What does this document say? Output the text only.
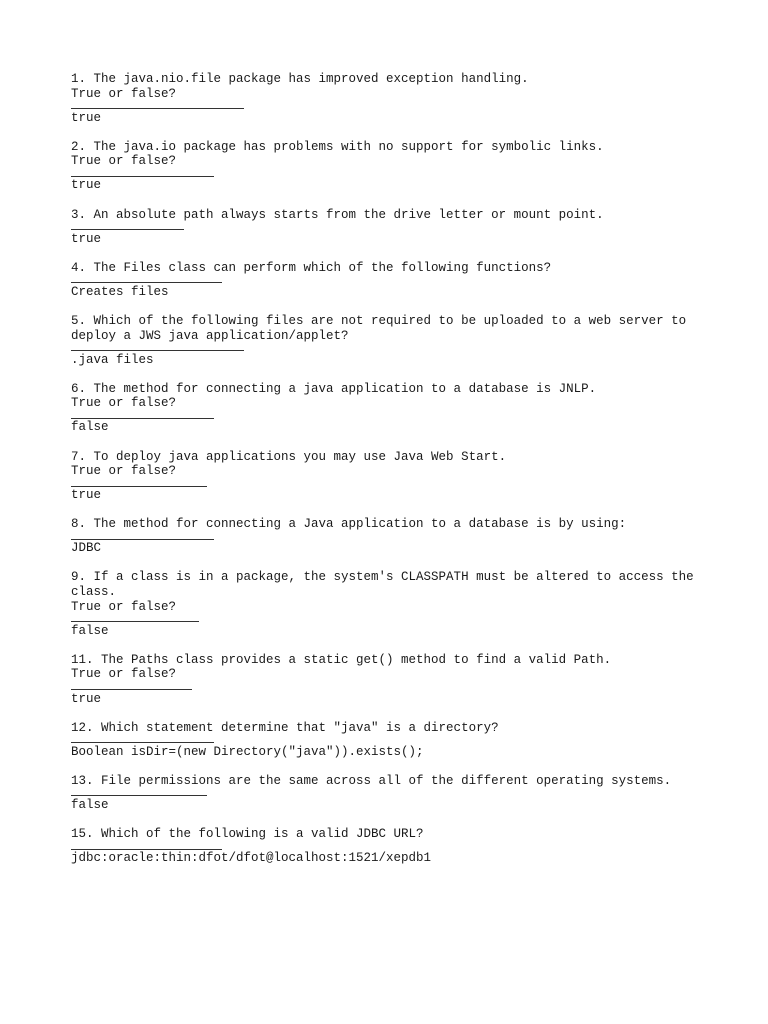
1. The java.nio.file package has improved exception handling.
True or false?
true
2. The java.io package has problems with no support for symbolic links.
True or false?
true
3. An absolute path always starts from the drive letter or mount point.
true
4. The Files class can perform which of the following functions?
Creates files
5. Which of the following files are not required to be uploaded to a web server to
deploy a JWS java application/applet?
.java files
6. The method for connecting a java application to a database is JNLP.
True or false?
false
7. To deploy java applications you may use Java Web Start.
True or false?
true
8. The method for connecting a Java application to a database is by using:
JDBC
9. If a class is in a package, the system's CLASSPATH must be altered to access the
class.
True or false?
false
11. The Paths class provides a static get() method to find a valid Path.
True or false?
true
12. Which statement determine that "java" is a directory?
Boolean isDir=(new Directory("java")).exists();
13. File permissions are the same across all of the different operating systems.
false
15. Which of the following is a valid JDBC URL?
jdbc:oracle:thin:dfot/dfot@localhost:1521/xepdb1
